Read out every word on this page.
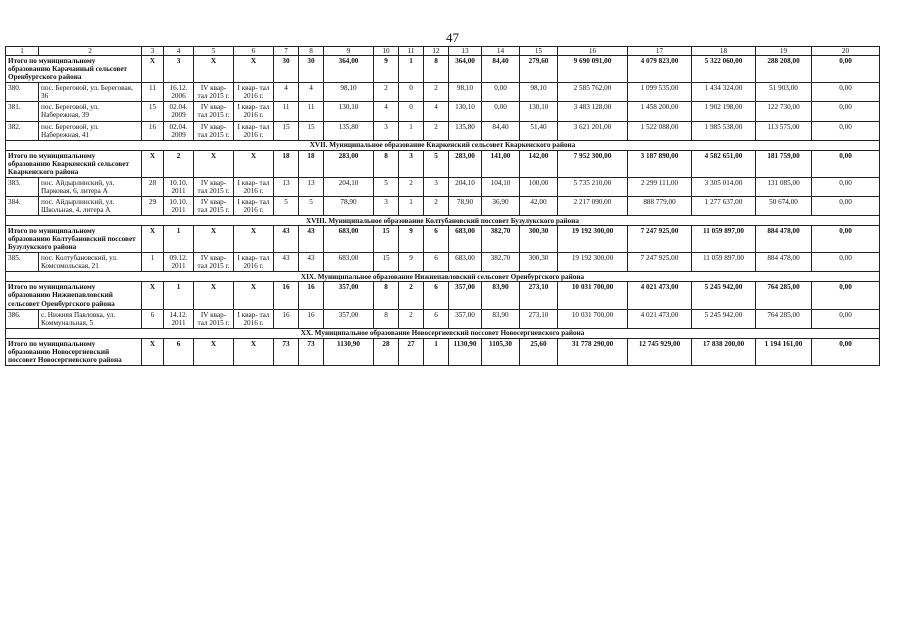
47
1	2	3	4	5	6	7	8	9	10	11	12	13	14	15	16	17	18	19	20
Итого по муниципальному образованию Карачанный сельсовет Оренбургского района		X	3	X	X	30	30	364,00	9	1	8	364,00	84,40	279,60	9 690 091,00	4 079 823,00	5 322 060,00	288 208,00	0,00
380.	пос. Береговой, ул. Береговая, 36	11	16.12. 2006	IV квар- тал 2015 г.	I квар- тал 2016 г.	4	4	98,10	2	0	2	98,10	0,00	98,10	2 585 762,00	1 099 535,00	1 434 324,00	51 903,00	0,00
381.	пос. Береговой, ул. Набережная, 39	15	02.04. 2009	IV квар- тал 2015 г.	I квар- тал 2016 г.	11	11	130,10	4	0	4	130,10	0,00	130,10	3 483 128,00	1 458 200,00	1 902 198,00	122 730,00	0,00
382.	пос. Береговой, ул. Набережная, 41	16	02.04. 2009	IV квар- тал 2015 г.	I квар- тал 2016 г.	15	15	135,80	3	1	2	135,80	84,40	51,40	3 621 201,00	1 522 088,00	1 985 538,00	113 575,00	0,00
XVII. Муниципальное образование Кваркенский сельсовет Кваркенского района																			
Итого по муниципальному образованию Кваркенский сельсовет Кваркенского района		X	2	X	X	18	18	283,00	8	3	5	283,00	141,00	142,00	7 952 300,00	3 187 890,00	4 582 651,00	181 759,00	0,00
383.	пос. Айдырлинский, ул. Парковая, 6, литера А	28	10.10. 2011	IV квар- тал 2015 г.	I квар- тал 2016 г.	13	13	204,10	5	2	3	204,10	104,10	100,00	5 735 210,00	2 299 111,00	3 305 014,00	131 085,00	0,00
384.	пос. Айдырлинский, ул. Школьная, 4, литера А	29	10.10. 2011	IV квар- тал 2015 г.	I квар- тал 2016 г.	5	5	78,90	3	1	2	78,90	36,90	42,00	2 217 090,00	888 779,00	1 277 637,00	50 674,00	0,00
XVIII. Муниципальное образование Колтубановский поссовет Бузулукского района																			
Итого по муниципальному образованию Колтубановский поссовет Бузулукского района		X	1	X	X	43	43	683,00	15	9	6	683,00	382,70	300,30	19 192 300,00	7 247 925,00	11 059 897,00	884 478,00	0,00
385.	пос. Колтубановский, ул. Комсомольская, 21	1	09.12. 2011	IV квар- тал 2015 г.	I квар- тал 2016 г.	43	43	683,00	15	9	6	683,00	382,70	300,30	19 192 300,00	7 247 925,00	11 059 897,00	884 478,00	0,00
XIX. Муниципальное образование Нижнепавловский сельсовет Оренбургского района																			
Итого по муниципальному образованию Нижнепавловский сельсовет Оренбургского района		X	1	X	X	16	16	357,00	8	2	6	357,00	83,90	273,10	10 031 700,00	4 021 473,00	5 245 942,00	764 285,00	0,00
386.	с. Нижняя Павловка, ул. Коммунальная, 5	6	14.12. 2011	IV квар- тал 2015 г.	I квар- тал 2016 г.	16	16	357,00	8	2	6	357,00	83,90	273,10	10 031 700,00	4 021 473,00	5 245 942,00	764 285,00	0,00
XX. Муниципальное образование Новосергиевский поссовет Новосергиевского района																			
Итого по муниципальному образованию Новосергиевский поссовет Новосергиевского района		X	6	X	X	73	73	1130,90	28	27	1	1130,90	1105,30	25,60	31 778 290,00	12 745 929,00	17 838 200,00	1 194 161,00	0,00
